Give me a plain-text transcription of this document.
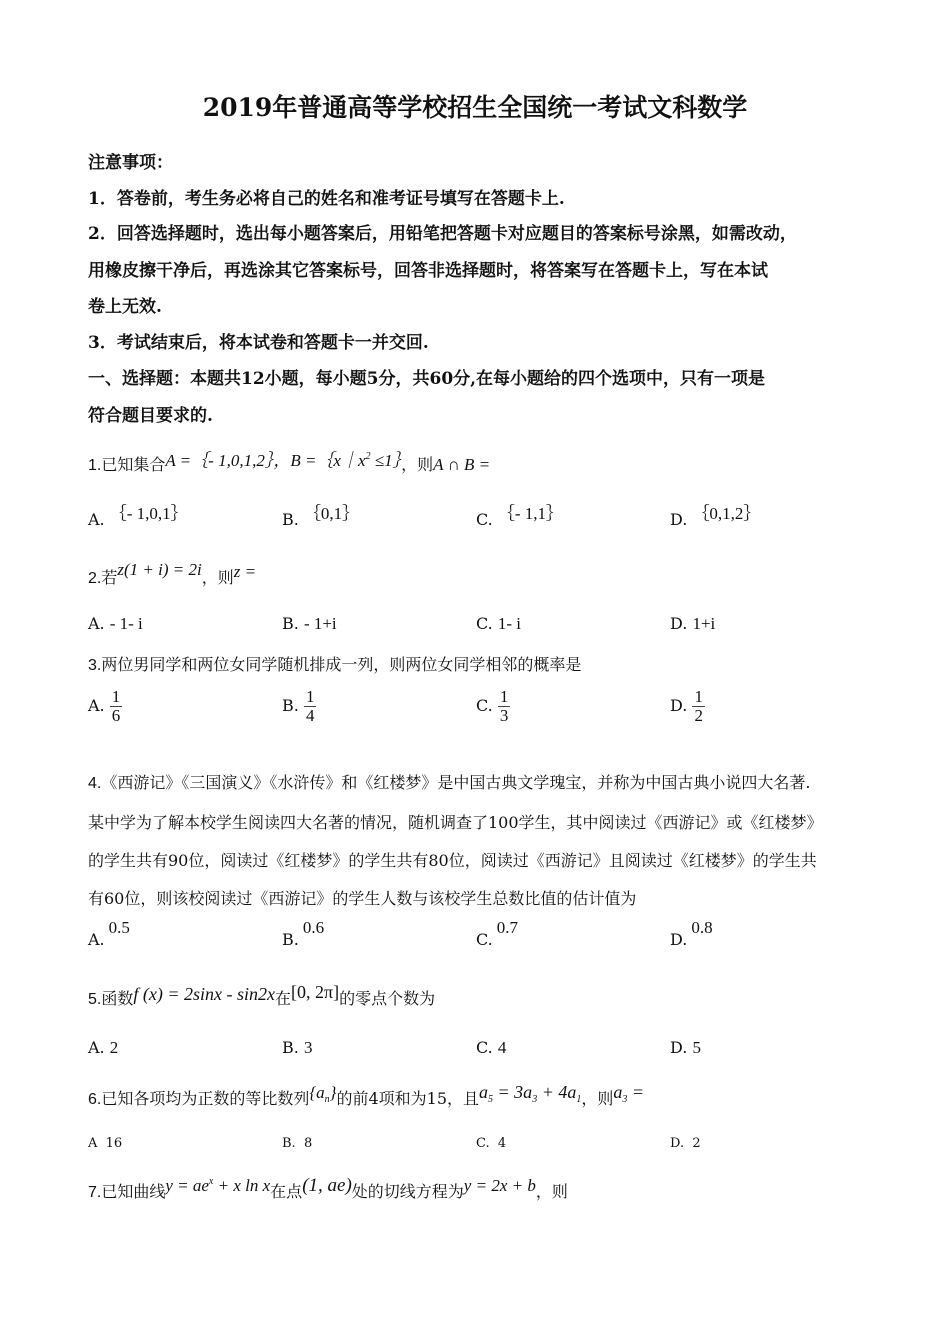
2019年普通高等学校招生全国统一考试文科数学
注意事项：
1．答卷前，考生务必将自己的姓名和准考证号填写在答题卡上.
2．回答选择题时，选出每小题答案后，用铅笔把答题卡对应题目的答案标号涂黑，如需改动，
用橡皮擦干净后，再选涂其它答案标号，回答非选择题时，将答案写在答题卡上，写在本试
卷上无效.
3．考试结束后，将本试卷和答题卡一并交回.
一、选择题：本题共12小题，每小题5分，共60分,在每小题给的四个选项中，只有一项是
符合题目要求的.
1.已知集合A =｛- 1,0,1,2｝，$B =\{x|x^2$ ≤1｝，则A ∩ B =
A. ｛- 1,0,1｝	B. ｛0,1｝	C. ｛- 1,1｝	D. ｛0,1,2｝
2.若z(1 + i) = 2i，则z =
A. - 1- i	B. - 1+i	C. 1- i	D. 1+i
3.两位男同学和两位女同学随机排成一列，则两位女同学相邻的概率是
A. $\frac{1}{6}$	B. $\frac{1}{4}$	C. $\frac{1}{3}$	D. $\frac{1}{2}$
4.《西游记》《三国演义》《水浒传》和《红楼梦》是中国古典文学瑰宝，并称为中国古典小说四大名著.
某中学为了解本校学生阅读四大名著的情况，随机调查了100学生，其中阅读过《西游记》或《红楼梦》
的学生共有90位，阅读过《红楼梦》的学生共有80位，阅读过《西游记》且阅读过《红楼梦》的学生共
有60位，则该校阅读过《西游记》的学生人数与该校学生总数比值的估计值为
A.0.5
B.0.6
C.0.7
D.0.8
5.函数f (x) = 2sinx - sin2x在[0, 2π]的零点个数为
A. 2	B. 3	C. 4	D. 5
6.已知各项均为正数的等比数列$\{a_n\}$的前4项和为15，且$a_5 = 3a_3 + 4a_1$，则$a_3$ =
A 16	B. 8	C. 4	D. 2
7.已知曲线$y = ae^x + x$ ln x在点(1, ae)处的切线方程为y = 2x + b，则
